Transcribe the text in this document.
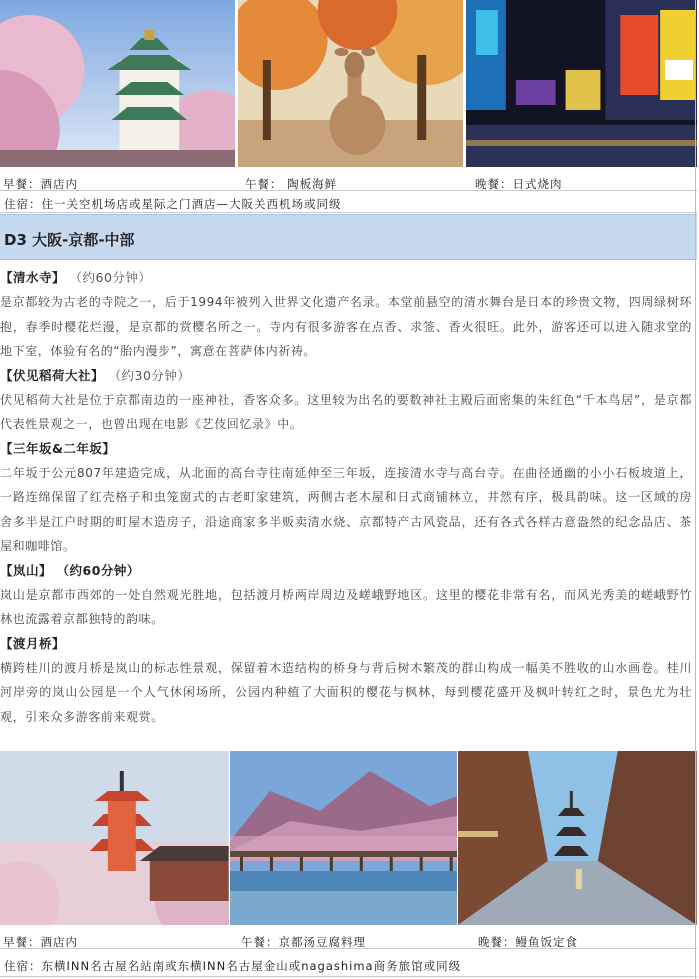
早餐：酒店内	午餐： 陶板海鲜	晚餐：日式烧肉
住宿：住一关空机场店或星际之门酒店—大阪关西机场或同级
D3 大阪-京都-中部
【清水寺】 （约60分钟）
是京都较为古老的寺院之一，后于1994年被列入世界文化遗产名录。本堂前悬空的清水舞台是日本的珍贵文物，四周绿树环抱，春季时樱花烂漫，是京都的赏樱名所之一。寺内有很多游客在点香、求签、香火很旺。此外，游客还可以进入随求堂的地下室，体验有名的“胎内漫步”，寓意在菩萨体内祈祷。
【伏见稻荷大社】 （约30分钟）
伏见稻荷大社是位于京都南边的一座神社，香客众多。这里较为出名的要数神社主殿后面密集的朱红色“千本鸟居”，是京都代表性景观之一，也曾出现在电影《艺伎回忆录》中。
【三年坂&二年坂】
二年坂于公元807年建造完成，从北面的高台寺往南延伸至三年坂，连接清水寺与高台寺。在曲径通幽的小小石板坡道上，一路连绵保留了红壳格子和虫笼窗式的古老町家建筑，两侧古老木屋和日式商铺林立，井然有序，极具韵味。这一区域的房舍多半是江户时期的町屋木造房子，沿途商家多半贩卖清水烧、京都特产古风瓷品，还有各式各样古意盎然的纪念品店、茶屋和咖啡馆。
【岚山】 （约60分钟）
岚山是京都市西郊的一处自然观光胜地，包括渡月桥两岸周边及嵯峨野地区。这里的樱花非常有名，而风光秀美的嵯峨野竹林也流露着京都独特的韵味。
【渡月桥】
横跨桂川的渡月桥是岚山的标志性景观，保留着木造结构的桥身与背后树木繁茂的群山构成一幅美不胜收的山水画卷。桂川河岸旁的岚山公园是一个人气休闲场所，公园内种植了大面积的樱花与枫林，每到樱花盛开及枫叶转红之时，景色尤为壮观，引来众多游客前来观赏。
早餐：酒店内	午餐：京都汤豆腐料理	晚餐：鳗鱼饭定食
住宿：东横INN名古屋名站南或东横INN名古屋金山或nagashima商务旅馆或同级
